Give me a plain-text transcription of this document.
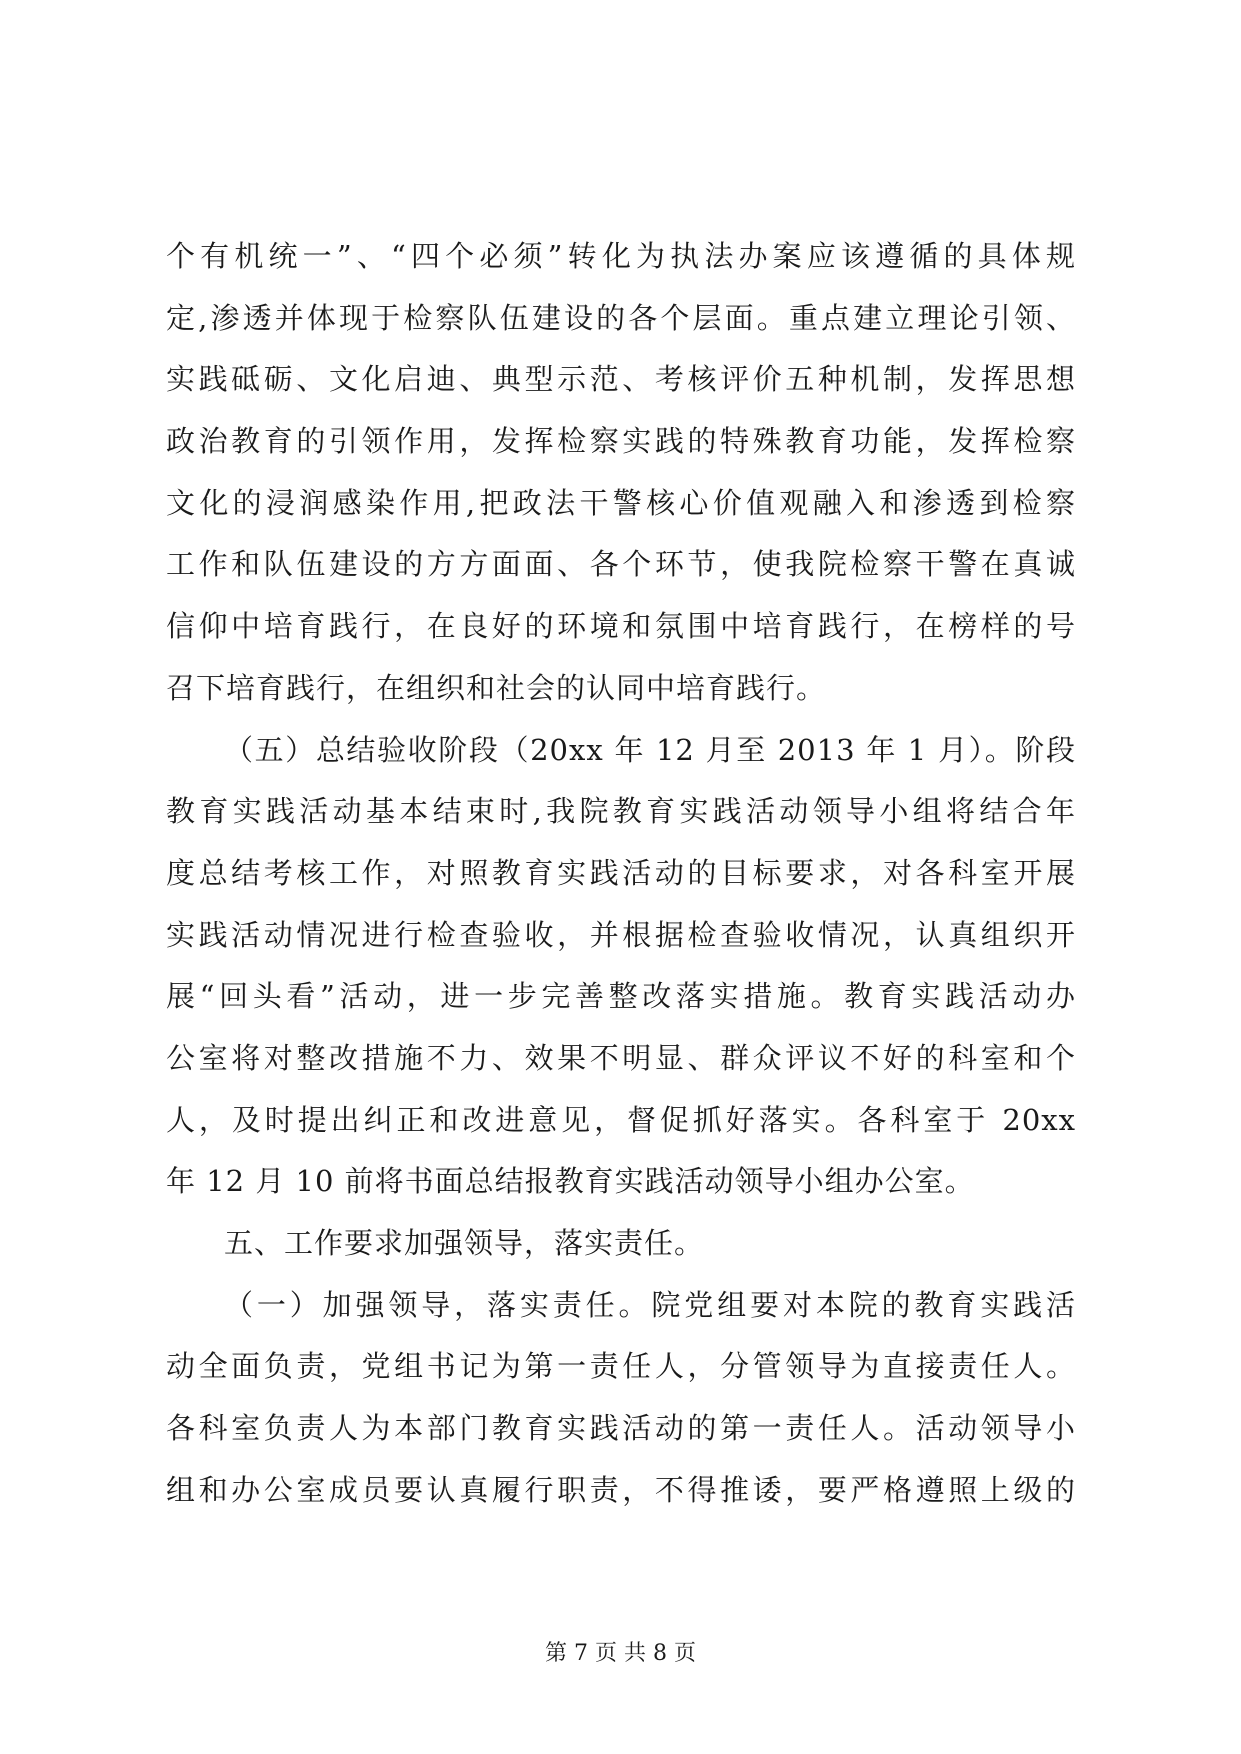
个有机统一”、“四个必须”转化为执法办案应该遵循的具体规
定,渗透并体现于检察队伍建设的各个层面。重点建立理论引领、
实践砥砺、文化启迪、典型示范、考核评价五种机制，发挥思想
政治教育的引领作用，发挥检察实践的特殊教育功能，发挥检察
文化的浸润感染作用,把政法干警核心价值观融入和渗透到检察
工作和队伍建设的方方面面、各个环节，使我院检察干警在真诚
信仰中培育践行，在良好的环境和氛围中培育践行，在榜样的号
召下培育践行，在组织和社会的认同中培育践行。
（五）总结验收阶段（20xx 年 12 月至 2013 年 1 月）。阶段
教育实践活动基本结束时,我院教育实践活动领导小组将结合年
度总结考核工作，对照教育实践活动的目标要求，对各科室开展
实践活动情况进行检查验收，并根据检查验收情况，认真组织开
展“回头看”活动，进一步完善整改落实措施。教育实践活动办
公室将对整改措施不力、效果不明显、群众评议不好的科室和个
人，及时提出纠正和改进意见，督促抓好落实。各科室于 20xx
年 12 月 10 前将书面总结报教育实践活动领导小组办公室。
五、工作要求加强领导，落实责任。
（一）加强领导，落实责任。院党组要对本院的教育实践活
动全面负责，党组书记为第一责任人，分管领导为直接责任人。
各科室负责人为本部门教育实践活动的第一责任人。活动领导小
组和办公室成员要认真履行职责，不得推诿，要严格遵照上级的
第 7 页 共 8 页
